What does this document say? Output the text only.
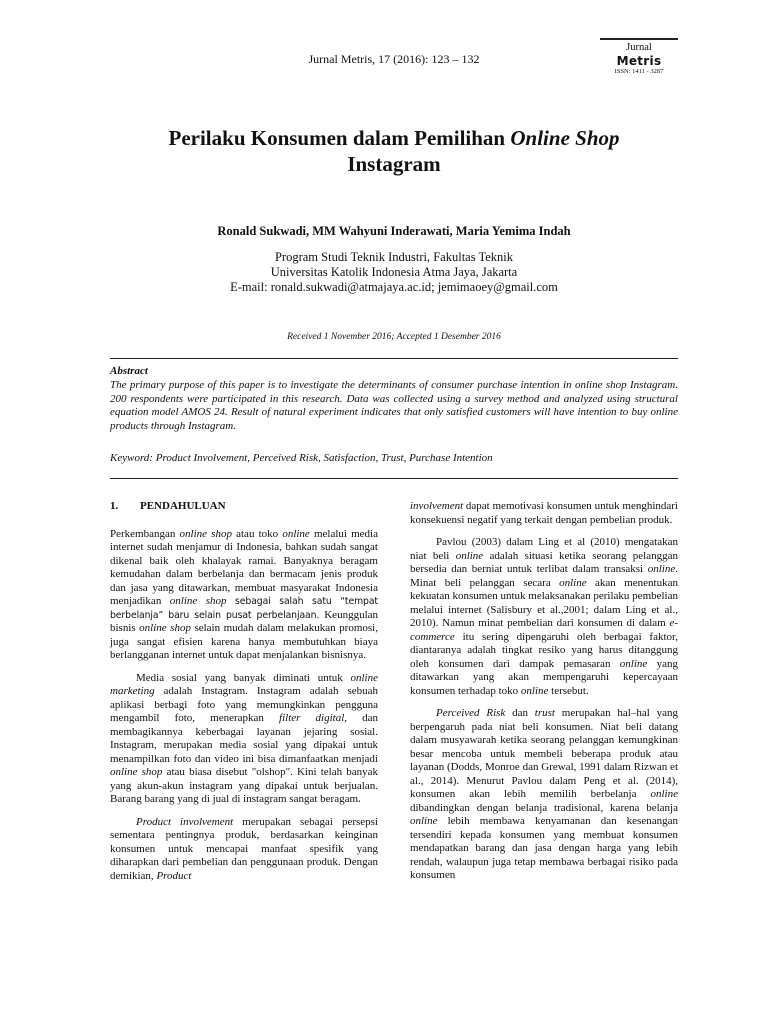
Jurnal Metris, 17 (2016): 123 – 132
Jurnal
Metris
ISSN: 1411 - 3287
Perilaku Konsumen dalam Pemilihan Online Shop
Instagram
Ronald Sukwadi, MM Wahyuni Inderawati, Maria Yemima Indah
Program Studi Teknik Industri, Fakultas Teknik
Universitas Katolik Indonesia Atma Jaya, Jakarta
E-mail: ronald.sukwadi@atmajaya.ac.id; jemimaoey@gmail.com
Received 1 November 2016; Accepted 1 Desember 2016
Abstract
The primary purpose of this paper is to investigate the determinants of consumer purchase intention in online shop Instagram. 200 respondents were participated in this research. Data was collected using a survey method and analyzed using structural equation model AMOS 24. Result of natural experiment indicates that only satisfied customers will have intention to buy online products through Instagram.
Keyword: Product Involvement, Perceived Risk, Satisfaction, Trust, Purchase Intention
1. PENDAHULUAN

Perkembangan online shop atau toko online melalui media internet sudah menjamur di Indonesia, bahkan sudah sangat dikenal baik oleh khalayak ramai. Banyaknya beragam kemudahan dalam berbelanja dan bermacam jenis produk dan jasa yang ditawarkan, membuat masyarakat Indonesia menjadikan online shop sebagai salah satu “tempat berbelanja” baru selain pusat perbelanjaan. Keunggulan bisnis online shop selain mudah dalam melakukan promosi, juga sangat efisien karena hanya membutuhkan biaya berlangganan internet untuk dapat menjalankan bisnisnya.

Media sosial yang banyak diminati untuk online marketing adalah Instagram. Instagram adalah sebuah aplikasi berbagi foto yang memungkinkan pengguna mengambil foto, menerapkan filter digital, dan membagikannya keberbagai layanan jejaring sosial. Instagram, merupakan media sosial yang dipakai untuk menampilkan foto dan video ini bisa dimanfaatkan menjadi online shop atau biasa disebut "olshop". Kini telah banyak yang akun-akun instagram yang dipakai untuk berjualan. Barang barang yang di jual di instagram sangat beragam.

Product involvement merupakan sebagai persepsi sementara pentingnya produk, berdasarkan keinginan konsumen untuk mencapai manfaat spesifik yang diharapkan dari pembelian dan penggunaan produk. Dengan demikian, Product

involvement dapat memotivasi konsumen untuk menghindari konsekuensi negatif yang terkait dengan pembelian produk.

Pavlou (2003) dalam Ling et al (2010) mengatakan niat beli online adalah situasi ketika seorang pelanggan bersedia dan berniat untuk terlibat dalam transaksi online. Minat beli pelanggan secara online akan menentukan kekuatan konsumen untuk melaksanakan perilaku pembelian melalui internet (Salisbury et al.,2001; dalam Ling et al., 2010). Namun minat pembelian dari konsumen di dalam e-commerce itu sering dipengaruhi oleh berbagai faktor, diantaranya adalah tingkat resiko yang harus ditanggung oleh konsumen dari dampak pemasaran online yang ditawarkan yang akan mempengaruhi kepercayaan konsumen terhadap toko online tersebut.

Perceived Risk dan trust merupakan hal–hal yang berpengaruh pada niat beli konsumen. Niat beli datang dalam musyawarah ketika seorang pelanggan kemungkinan besar mencoba untuk membeli beberapa produk atau layanan (Dodds, Monroe dan Grewal, 1991 dalam Rizwan et al., 2014). Menurut Pavlou dalam Peng et al. (2014), konsumen akan lebih memilih berbelanja online dibandingkan dengan belanja tradisional, karena belanja online lebih membawa kenyamanan dan kesenangan tersendiri kepada konsumen yang membuat konsumen mendapatkan barang dan jasa dengan harga yang lebih rendah, walaupun juga tetap membawa berbagai risiko pada konsumen
